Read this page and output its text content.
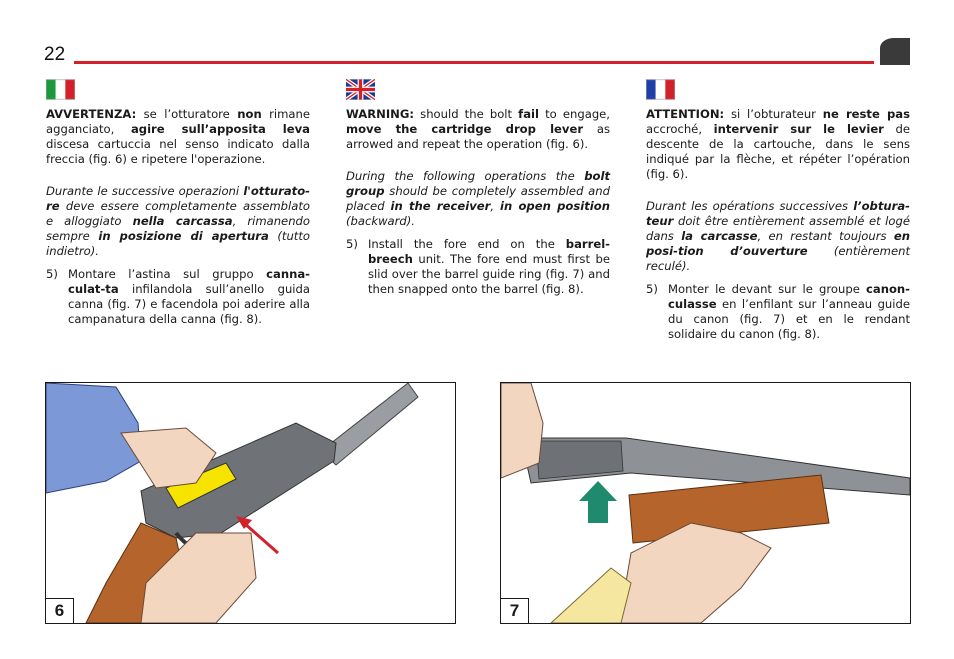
22

AVVERTENZA: se l’otturatore non rimane agganciato, agire sull’apposita leva discesa cartuccia nel senso indicato dalla freccia (fig. 6) e ripetere l'operazione.

Durante le successive operazioni l'otturato-re deve essere completamente assemblato e alloggiato nella carcassa, rimanendo sempre in posizione di apertura (tutto indietro).

5) Montare l’astina sul gruppo canna-culat-ta infilandola sull’anello guida canna (fig. 7) e facendola poi aderire alla campanatura della canna (fig. 8).

WARNING: should the bolt fail to engage, move the cartridge drop lever as arrowed and repeat the operation (fig. 6).

During the following operations the bolt group should be completely assembled and placed in the receiver, in open position (backward).

5) Install the fore end on the barrel-breech unit. The fore end must first be slid over the barrel guide ring (fig. 7) and then snapped onto the barrel (fig. 8).

ATTENTION: si l’obturateur ne reste pas accroché, intervenir sur le levier de descente de la cartouche, dans le sens indiqué par la flèche, et répéter l’opération (fig. 6).

Durant les opérations successives l’obtura-teur doit être entièrement assemblé et logé dans la carcasse, en restant toujours en posi-tion d’ouverture (entièrement reculé).

5) Monter le devant sur le groupe canon-culasse en l’enfilant sur l’anneau guide du canon (fig. 7) et en le rendant solidaire du canon (fig. 8).
6	7
